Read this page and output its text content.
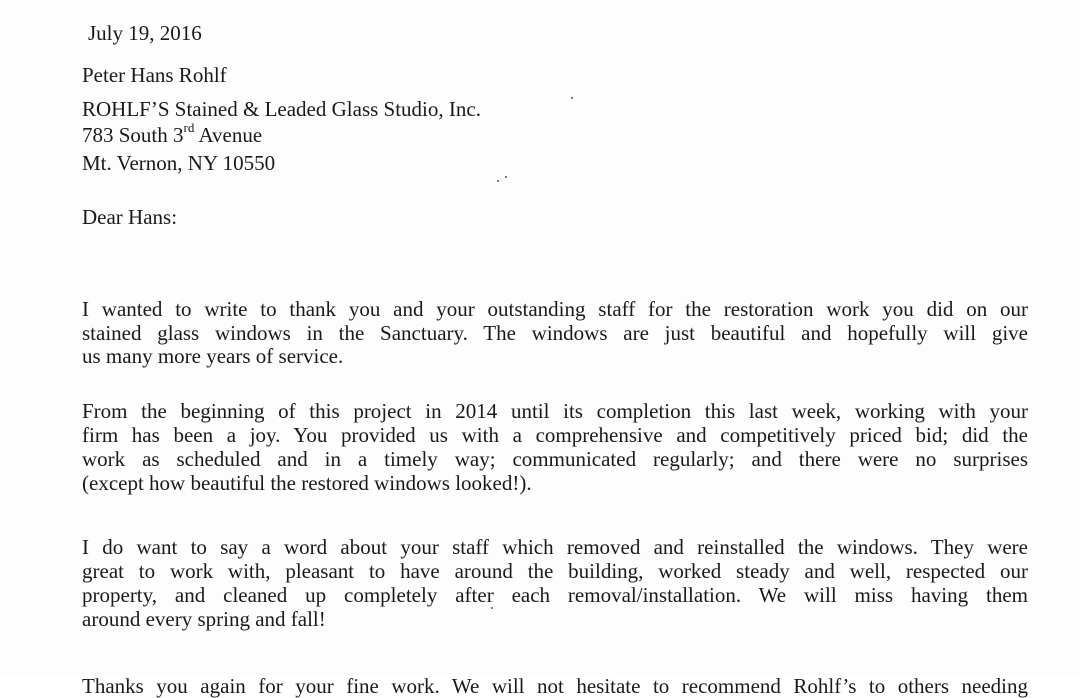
July 19, 2016

Peter Hans Rohlf

ROHLF’S Stained & Leaded Glass Studio, Inc.

783 South 3rd Avenue

Mt. Vernon, NY 10550

Dear Hans:

I wanted to write to thank you and your outstanding staff for the restoration work you did on our

stained glass windows in the Sanctuary. The windows are just beautiful and hopefully will give

us many more years of service.

From the beginning of this project in 2014 until its completion this last week, working with your

firm has been a joy. You provided us with a comprehensive and competitively priced bid; did the

work as scheduled and in a timely way; communicated regularly; and there were no surprises

(except how beautiful the restored windows looked!).

I do want to say a word about your staff which removed and reinstalled the windows. They were

great to work with, pleasant to have around the building, worked steady and well, respected our

property, and cleaned up completely after each removal/installation. We will miss having them

around every spring and fall!

Thanks you again for your fine work. We will not hesitate to recommend Rohlf’s to others needing
